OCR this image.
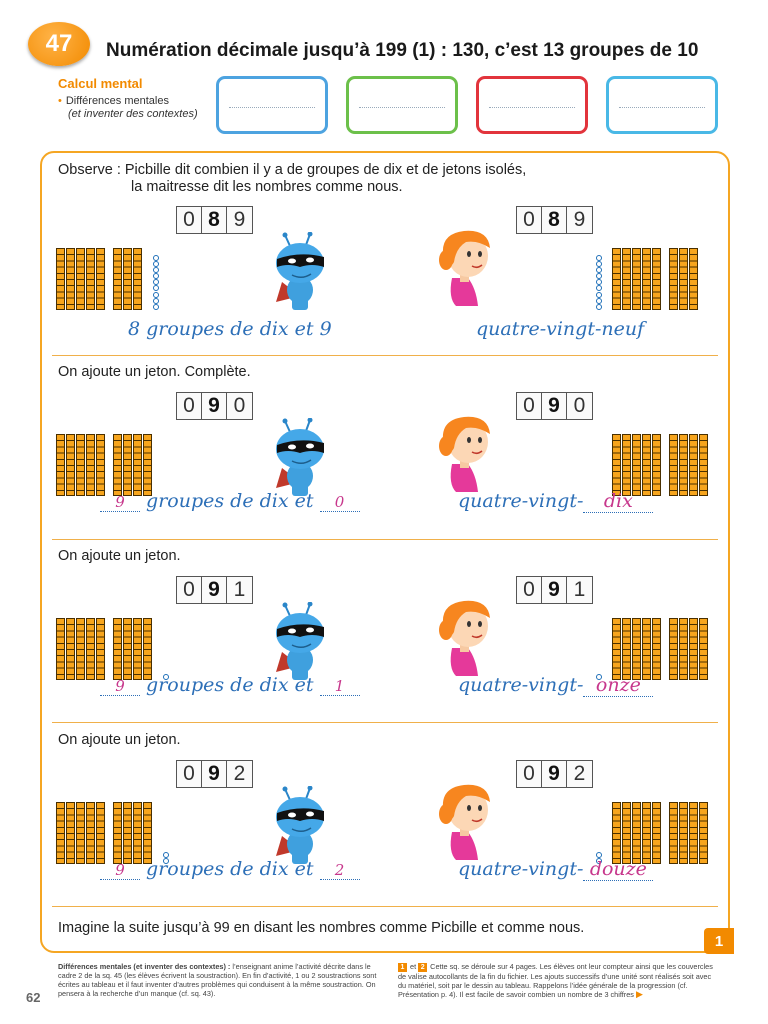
47	Numération décimale jusqu’à 199 (1) : 130, c’est 13 groupes de 10
Calcul mental
• Différences mentales
(et inventer des contextes)
Observe : Picbille dit combien il y a de groupes de dix et de jetons isolés,
la maitresse dit les nombres comme nous.
0 8 9	0 8 9
8 groupes de dix et 9	quatre-vingt-neuf
0 9 0	0 9 0
9 groupes de dix et 0	quatre-vingt- dix
0 9 1	0 9 1
9 groupes de dix et 1	quatre-vingt- onze
0 9 2	0 9 2
9 groupes de dix et 2	quatre-vingt- douze
On ajoute un jeton. Complète.
On ajoute un jeton.
On ajoute un jeton.
Imagine la suite jusqu’à 99 en disant les nombres comme Picbille et comme nous.
1
62
Différences mentales (et inventer des contextes) : l’enseignant anime l’activité décrite dans le cadre 2 de la sq. 45 (les élèves écrivent la soustraction). En fin d’activité, 1 ou 2 soustractions sont écrites au tableau et il faut inventer d’autres problèmes qui conduisent à la même soustraction. On pensera à la recherche d’un manque (cf. sq. 43).
1 et 2 Cette sq. se déroule sur 4 pages. Les élèves ont leur compteur ainsi que les couvercles de valise autocollants de la fin du fichier. Les ajouts successifs d’une unité sont réalisés soit avec du matériel, soit par le dessin au tableau. Rappelons l’idée générale de la progression (cf. Présentation p. 4). Il est facile de savoir combien un nombre de 3 chiffres ▶
